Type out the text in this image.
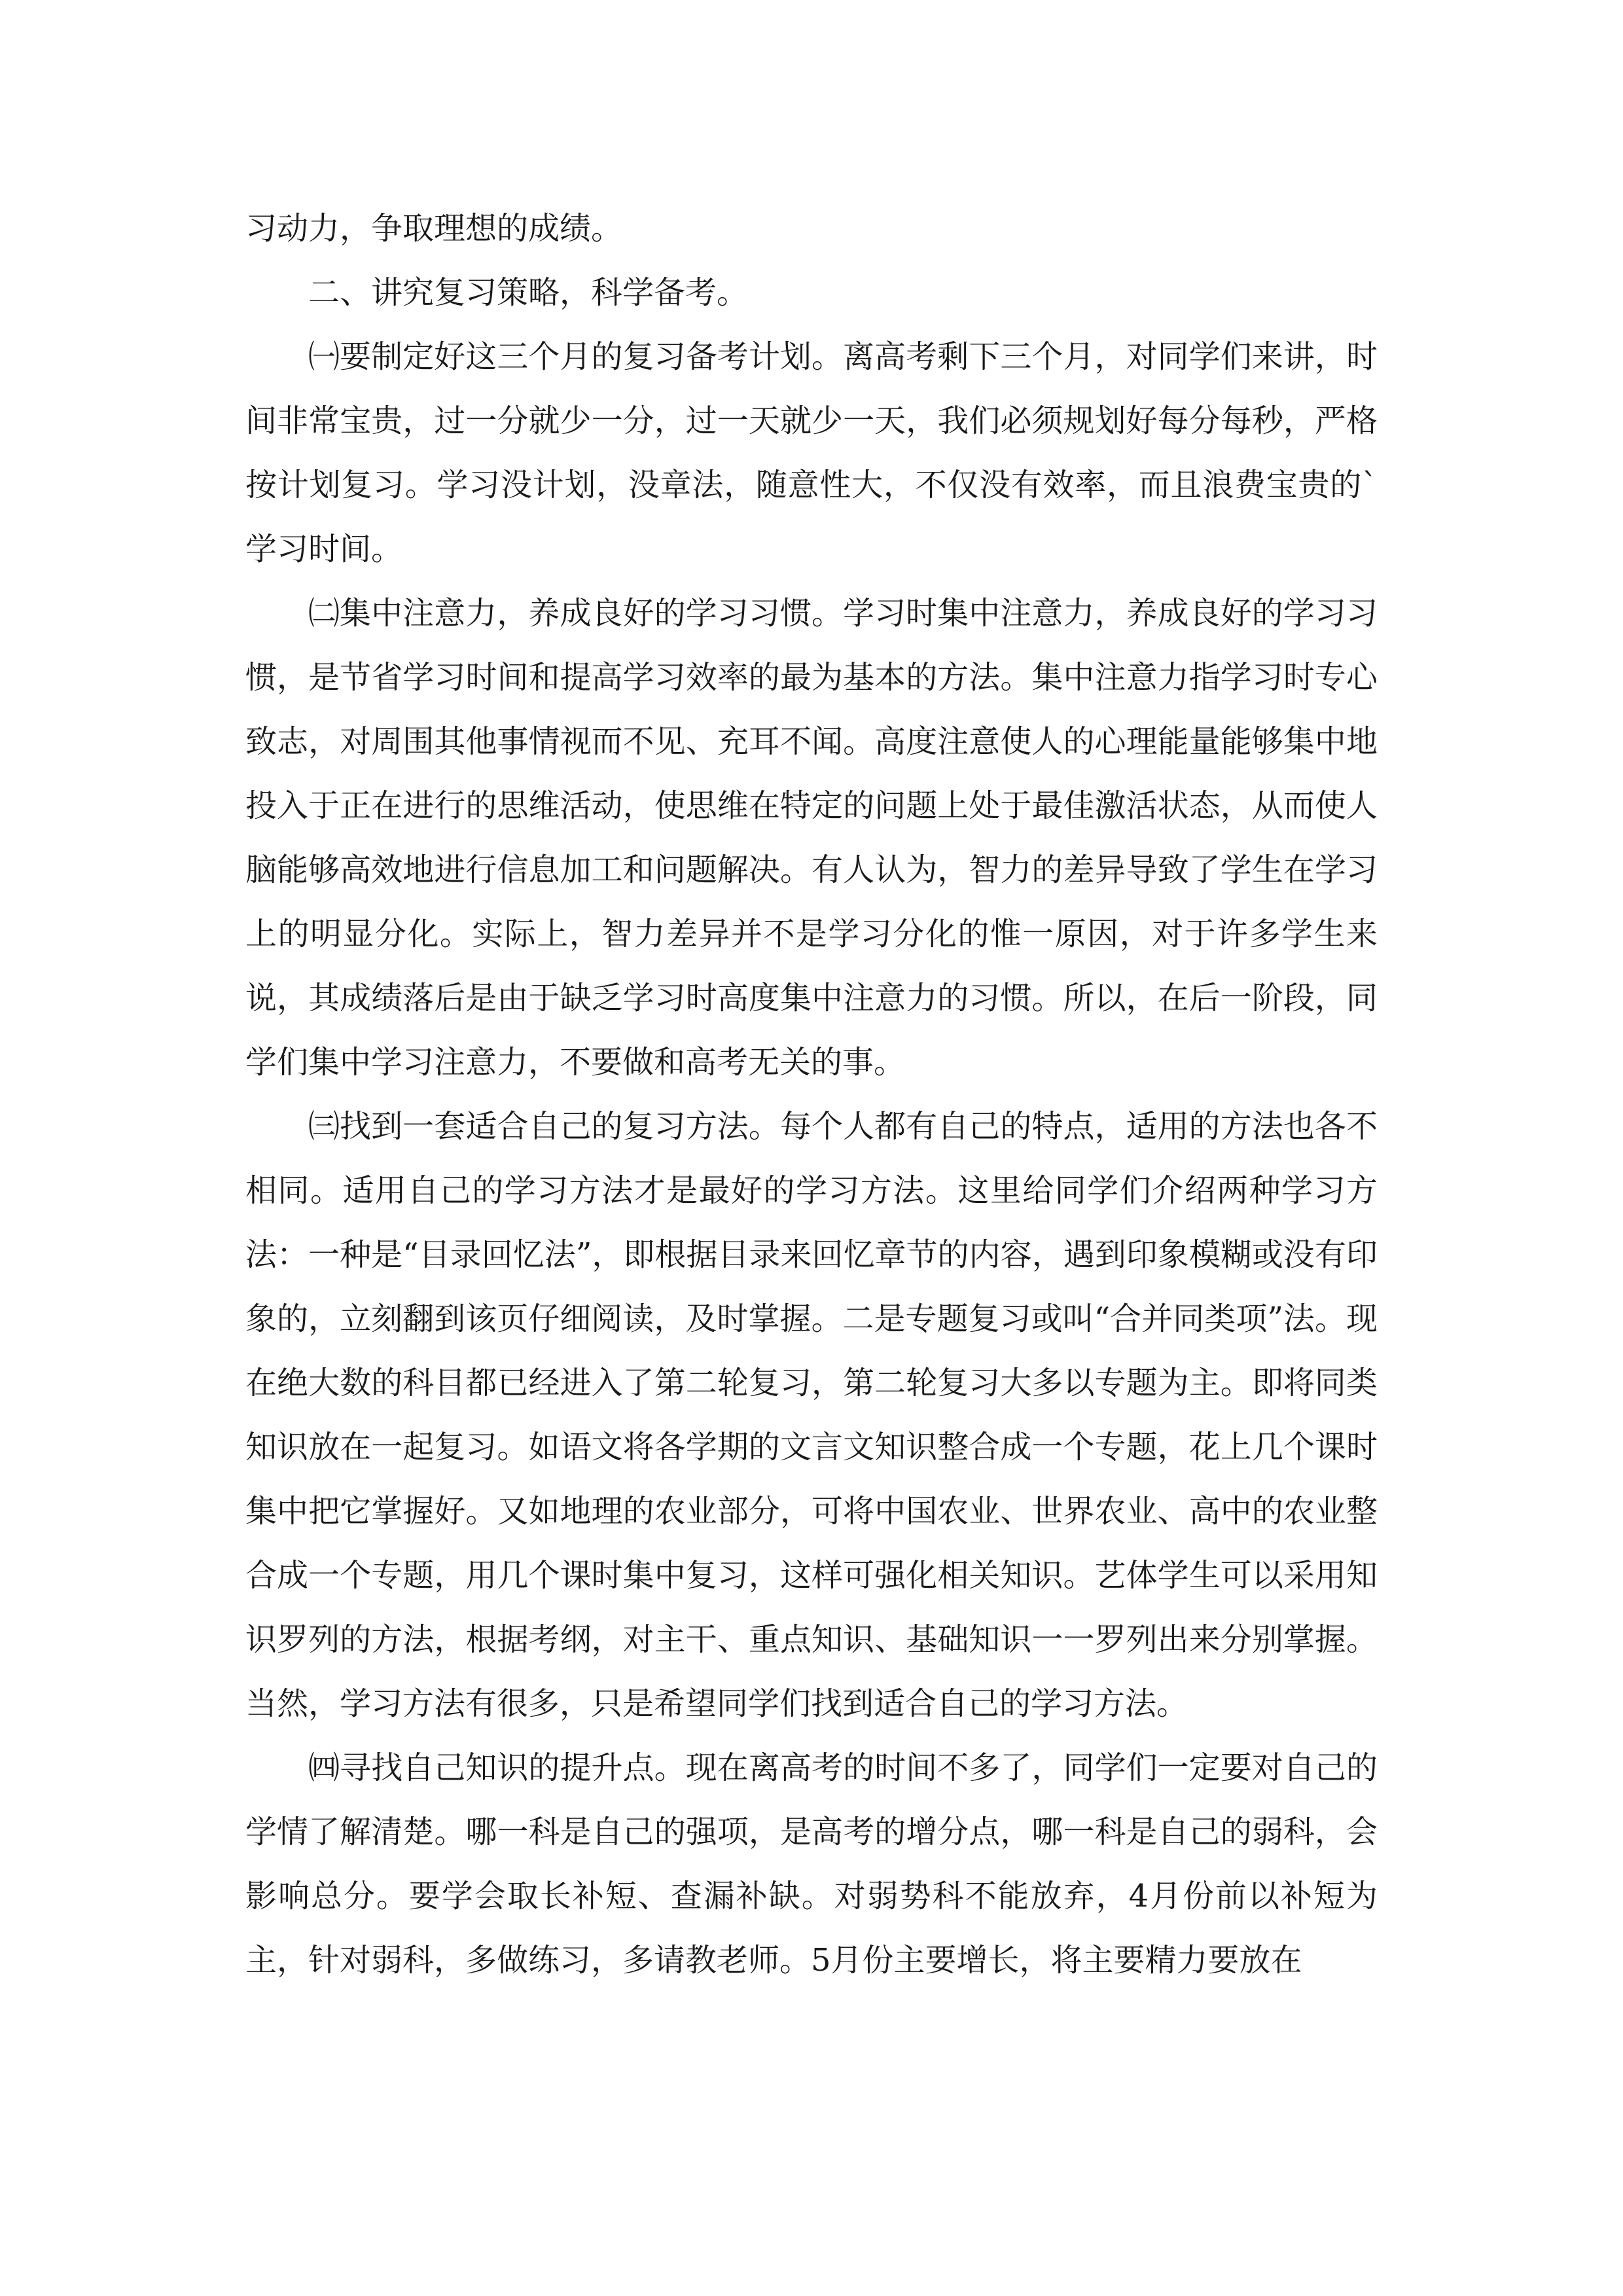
习动力，争取理想的成绩。

二、讲究复习策略，科学备考。

㈠要制定好这三个月的复习备考计划。离高考剩下三个月，对同学们来讲，时间非常宝贵，过一分就少一分，过一天就少一天，我们必须规划好每分每秒，严格按计划复习。学习没计划，没章法，随意性大，不仅没有效率，而且浪费宝贵的`学习时间。

㈡集中注意力，养成良好的学习习惯。学习时集中注意力，养成良好的学习习惯，是节省学习时间和提高学习效率的最为基本的方法。集中注意力指学习时专心致志，对周围其他事情视而不见、充耳不闻。高度注意使人的心理能量能够集中地投入于正在进行的思维活动，使思维在特定的问题上处于最佳激活状态，从而使人脑能够高效地进行信息加工和问题解决。有人认为，智力的差异导致了学生在学习上的明显分化。实际上，智力差异并不是学习分化的惟一原因，对于许多学生来说，其成绩落后是由于缺乏学习时高度集中注意力的习惯。所以，在后一阶段，同学们集中学习注意力，不要做和高考无关的事。

㈢找到一套适合自己的复习方法。每个人都有自己的特点，适用的方法也各不相同。适用自己的学习方法才是最好的学习方法。这里给同学们介绍两种学习方法：一种是“目录回忆法”，即根据目录来回忆章节的内容，遇到印象模糊或没有印象的，立刻翻到该页仔细阅读，及时掌握。二是专题复习或叫“合并同类项”法。现在绝大数的科目都已经进入了第二轮复习，第二轮复习大多以专题为主。即将同类知识放在一起复习。如语文将各学期的文言文知识整合成一个专题，花上几个课时集中把它掌握好。又如地理的农业部分，可将中国农业、世界农业、高中的农业整合成一个专题，用几个课时集中复习，这样可强化相关知识。艺体学生可以采用知识罗列的方法，根据考纲，对主干、重点知识、基础知识一一罗列出来分别掌握。当然，学习方法有很多，只是希望同学们找到适合自己的学习方法。

㈣寻找自己知识的提升点。现在离高考的时间不多了，同学们一定要对自己的学情了解清楚。哪一科是自己的强项，是高考的增分点，哪一科是自己的弱科，会影响总分。要学会取长补短、查漏补缺。对弱势科不能放弃，4月份前以补短为主，针对弱科，多做练习，多请教老师。5月份主要增长，将主要精力要放在
